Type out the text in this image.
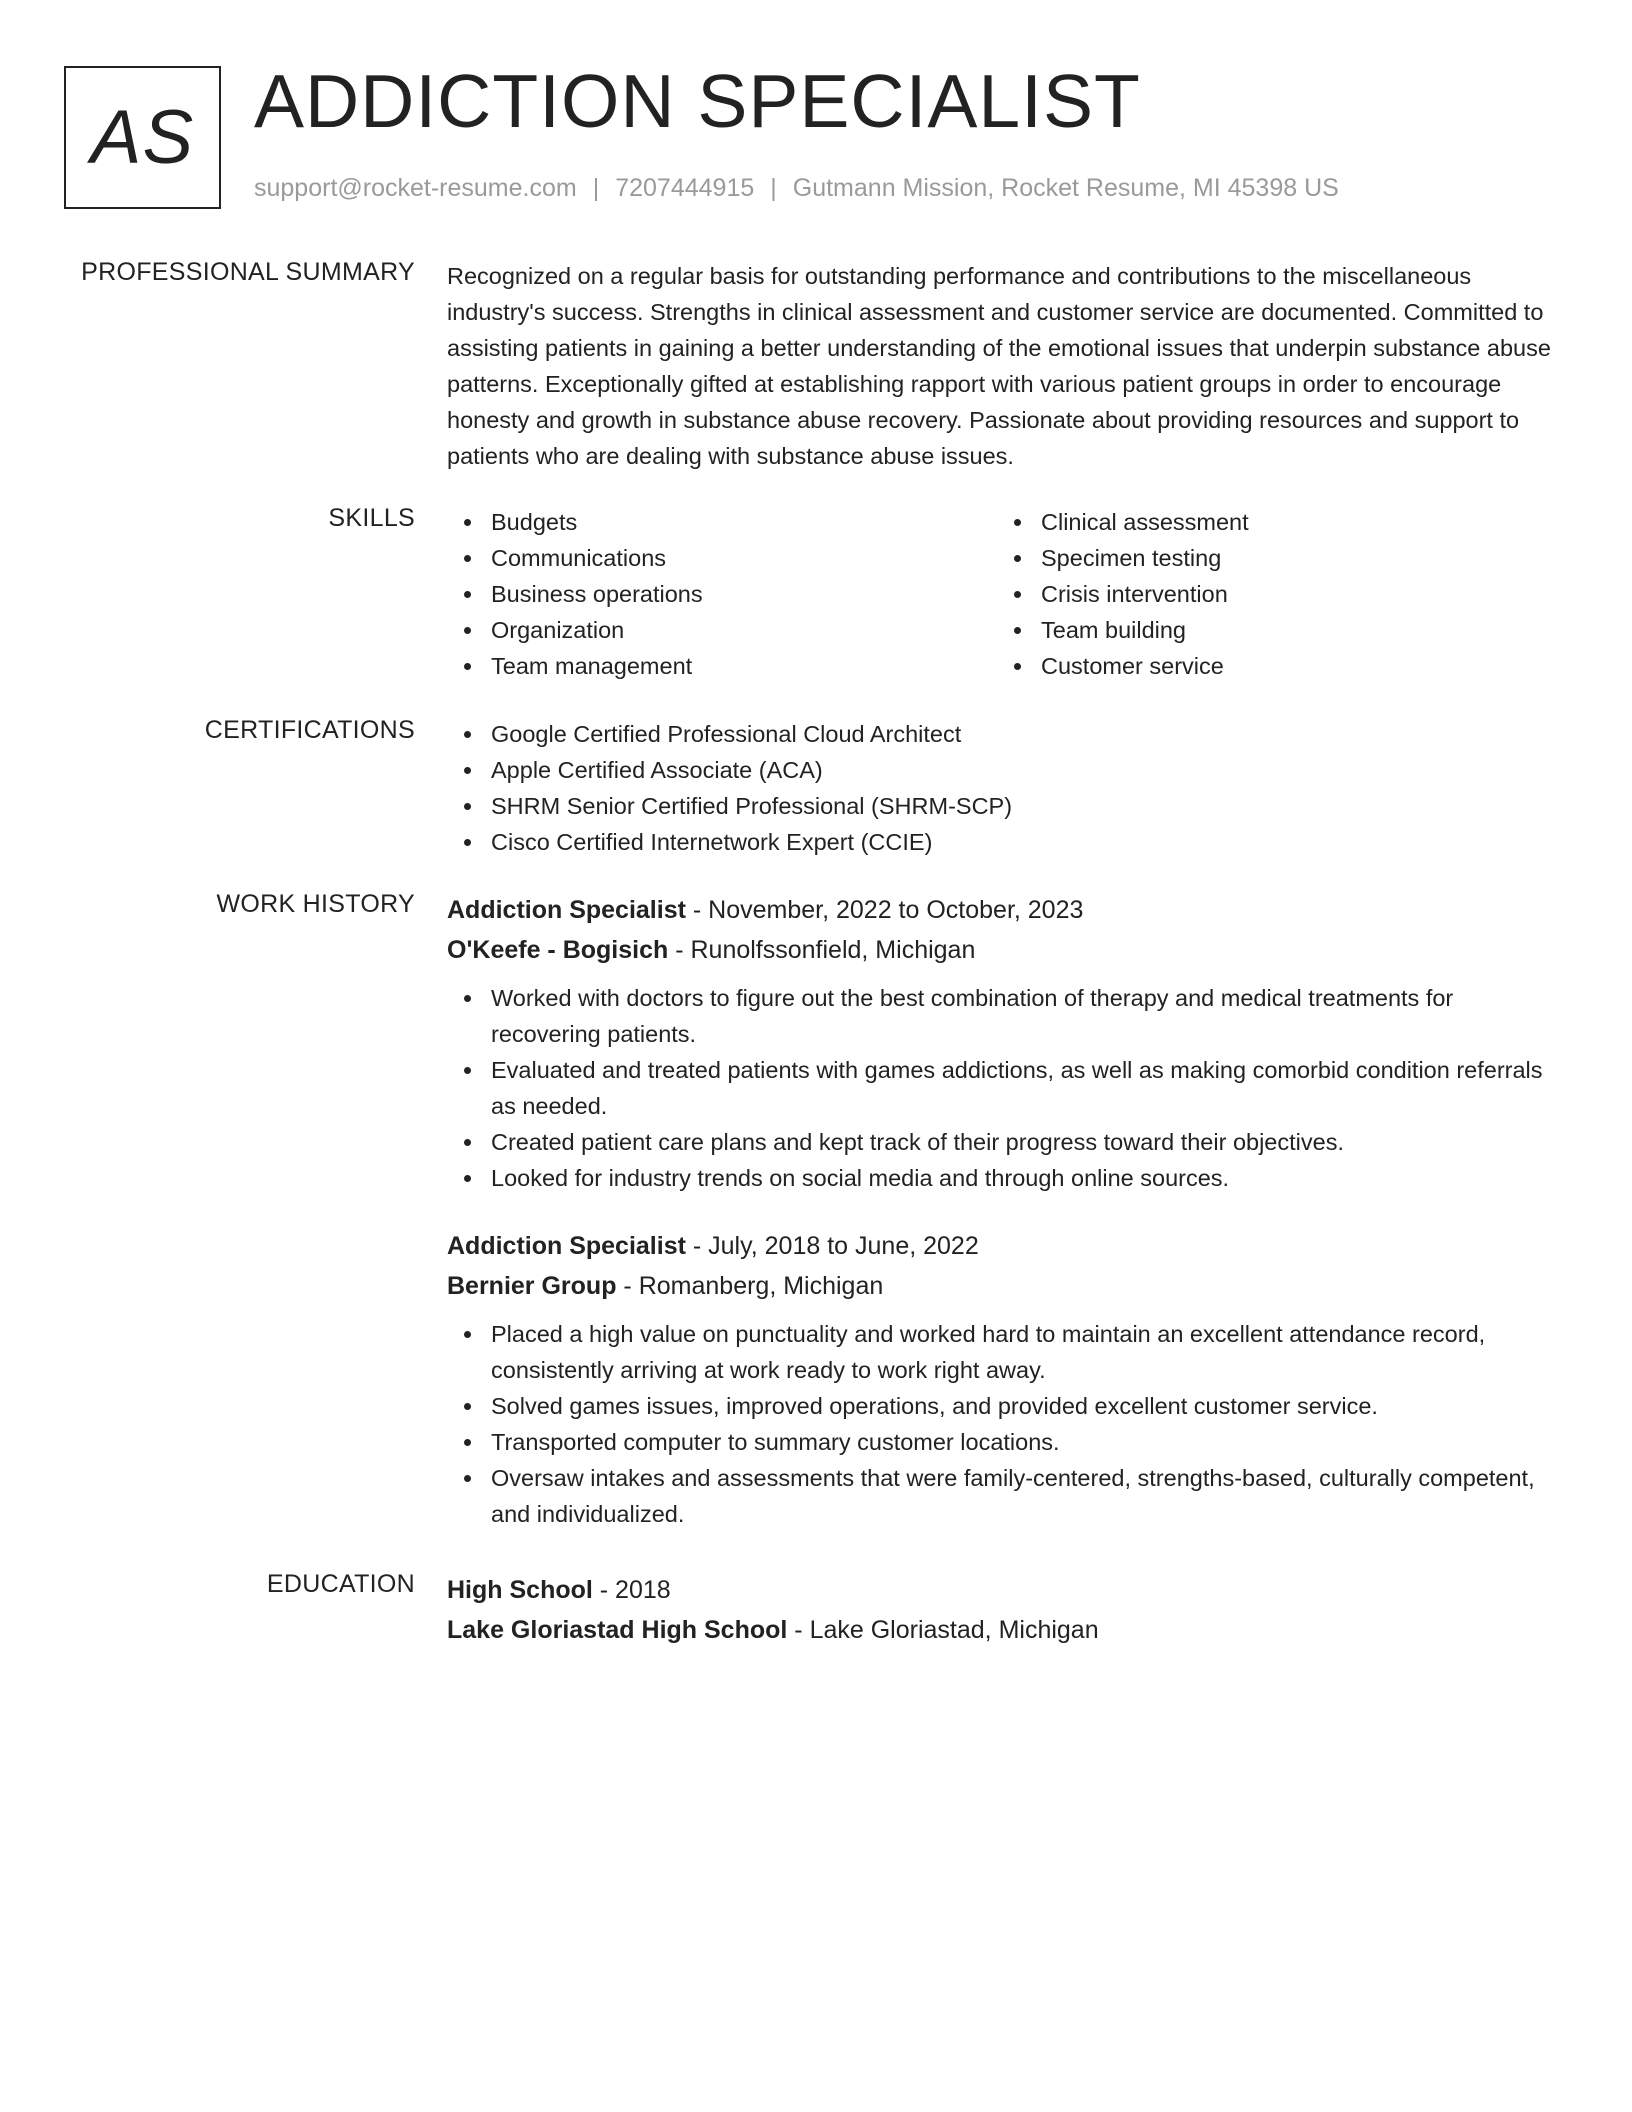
AS ADDICTION SPECIALIST
support@rocket-resume.com | 7207444915 | Gutmann Mission, Rocket Resume, MI 45398 US
PROFESSIONAL SUMMARY Recognized on a regular basis for outstanding performance and contributions to the miscellaneous industry's success. Strengths in clinical assessment and customer service are documented. Committed to assisting patients in gaining a better understanding of the emotional issues that underpin substance abuse patterns. Exceptionally gifted at establishing rapport with various patient groups in order to encourage honesty and growth in substance abuse recovery. Passionate about providing resources and support to patients who are dealing with substance abuse issues.

SKILLS	Budgets
Communications
Business operations
Organization
Team management
Clinical assessment
Specimen testing
Crisis intervention
Team building
Customer service
CERTIFICATIONS	Google Certified Professional Cloud Architect
Apple Certified Associate (ACA)
SHRM Senior Certified Professional (SHRM-SCP)
Cisco Certified Internetwork Expert (CCIE)
WORK HISTORY Addiction Specialist - November, 2022 to October, 2023
O'Keefe - Bogisich - Runolfssonfield, Michigan
Worked with doctors to figure out the best combination of therapy and medical treatments for recovering patients.
Evaluated and treated patients with games addictions, as well as making comorbid condition referrals as needed.
Created patient care plans and kept track of their progress toward their objectives.
Looked for industry trends on social media and through online sources.
Addiction Specialist - July, 2018 to June, 2022
Bernier Group - Romanberg, Michigan
Placed a high value on punctuality and worked hard to maintain an excellent attendance record, consistently arriving at work ready to work right away.
Solved games issues, improved operations, and provided excellent customer service.
Transported computer to summary customer locations.
Oversaw intakes and assessments that were family-centered, strengths-based, culturally competent, and individualized.
EDUCATION High School - 2018
Lake Gloriastad High School - Lake Gloriastad, Michigan
